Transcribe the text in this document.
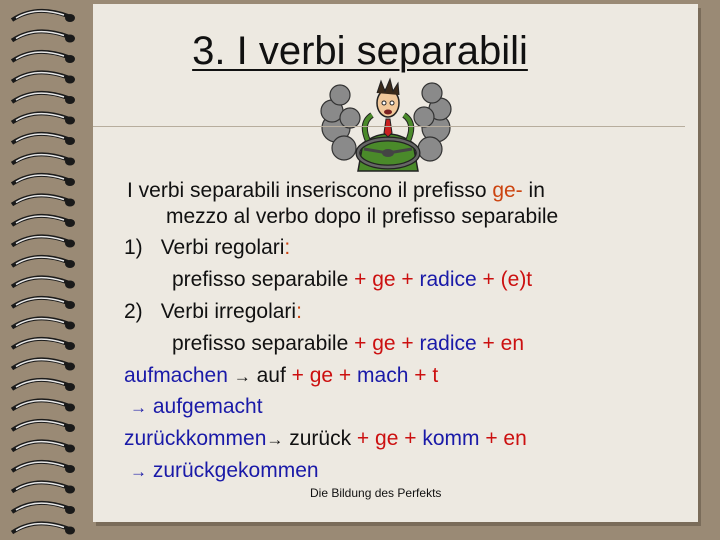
3. I verbi separabili
I verbi separabili inseriscono il prefisso ge- in
mezzo al verbo dopo il prefisso separabile
1) Verbi regolari:
prefisso separabile + ge + radice + (e)t
2) Verbi irregolari:
prefisso separabile + ge + radice + en
aufmachen → auf + ge + mach + t
→ aufgemacht
zurückkommen→ zurück + ge + komm + en
→ zurückgekommen
Die Bildung des Perfekts
